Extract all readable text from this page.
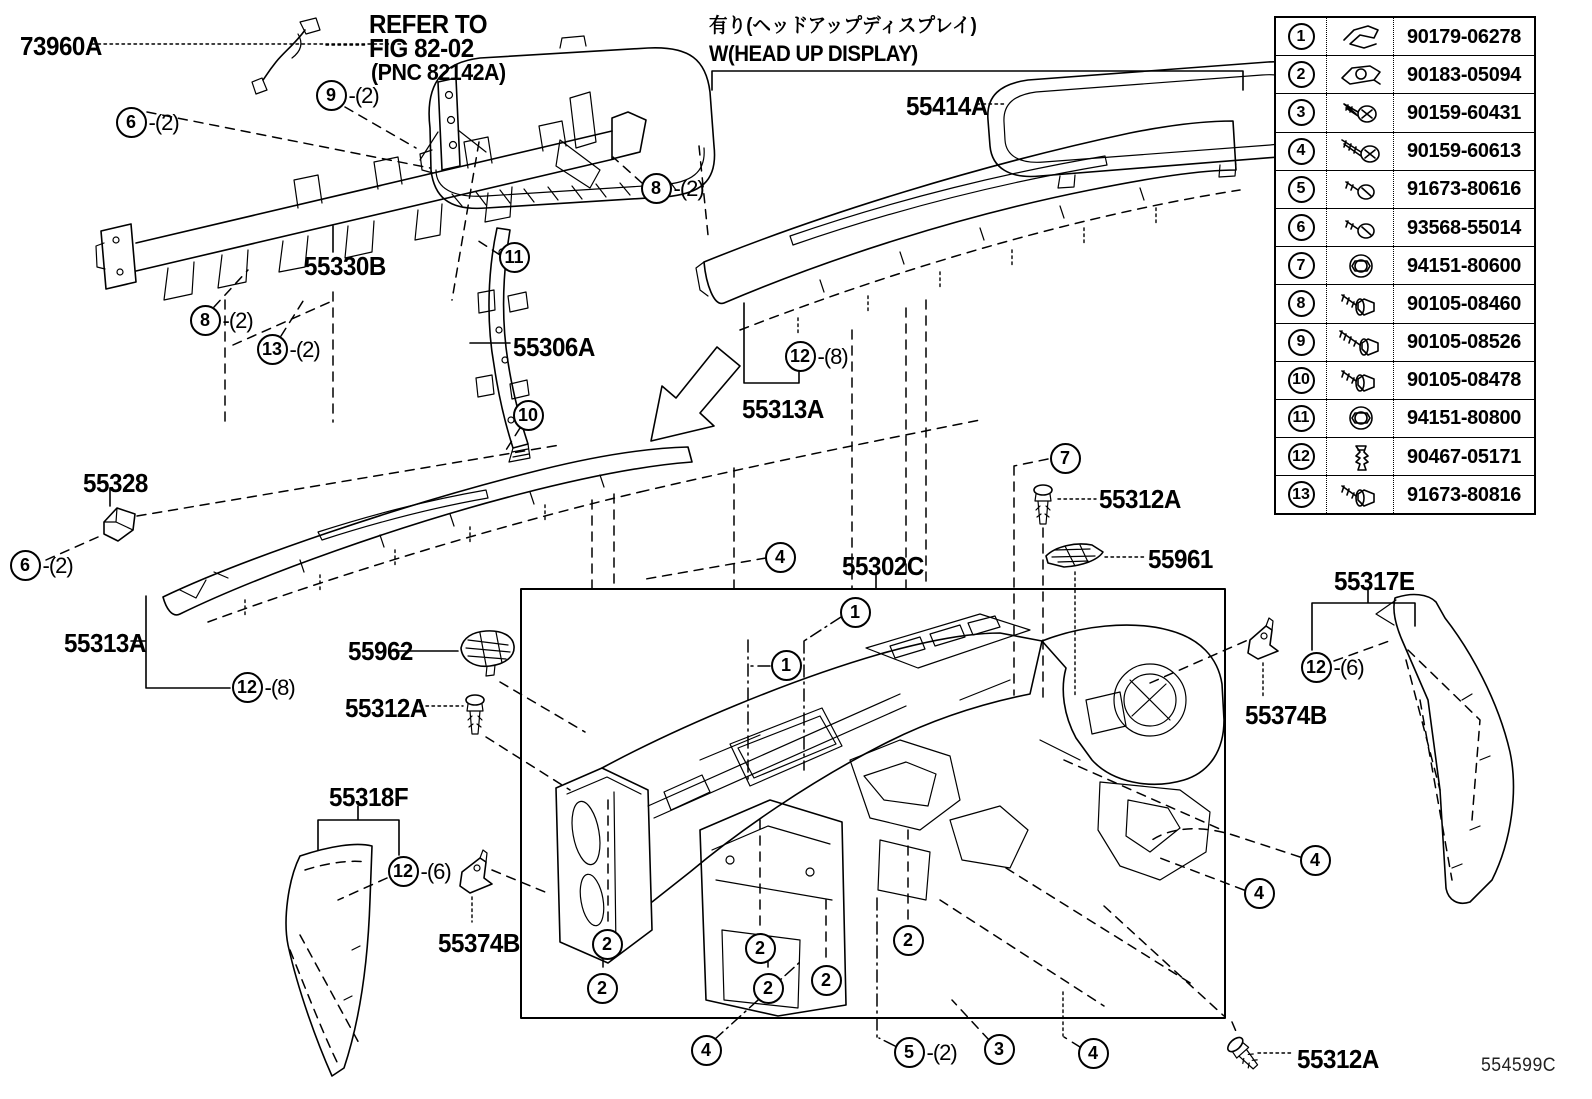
73960A
REFER TO
FIG 82-02
(PNC 82142A)
有り(ヘッドアップディスプレイ)
W(HEAD UP DISPLAY)
55414A
55330B
55306A
55313A
55328
55313A	55962
55312A
55302C
55312A
55961
55317E
55374B
55318F
55374B
55312A	554599C
6 -(2)
9 -(2)
8 -(2)
8 -(2)
13 -(2)
11
10
12 -(8)
6 -(2)
12 -(8)
7
4
1
1	12 -(6)
12 -(6)
2
2
2
2	2
2
4	5 -(2)	3	4
4
4
1	90179-06278
2	90183-05094
3	90159-60431
4	90159-60613
5	91673-80616
6	93568-55014
7	94151-80600
8	90105-08460
9	90105-08526
10	90105-08478
11	94151-80800
12	90467-05171
13	91673-80816
